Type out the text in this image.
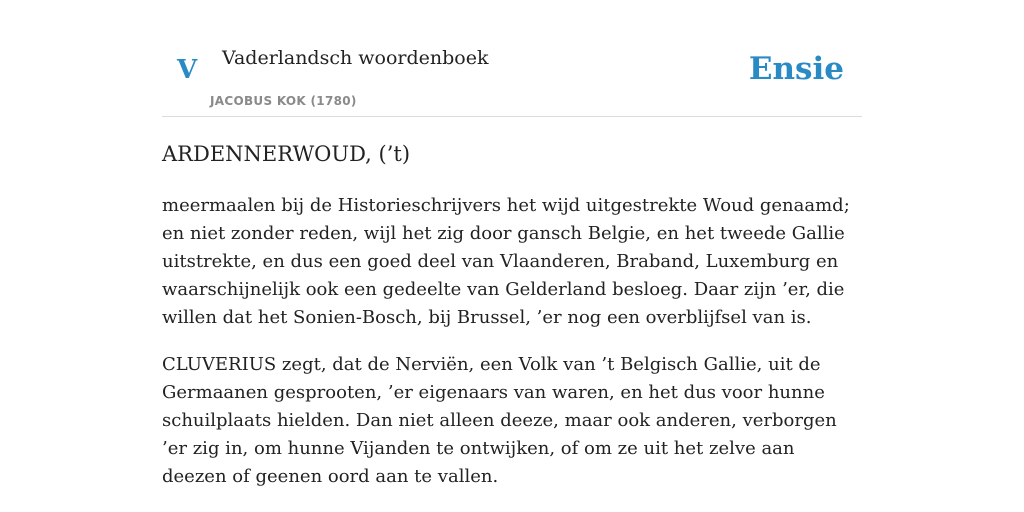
V Vaderlandsch woordenboek
JACOBUS KOK (1780)
Ensie
ARDENNERWOUD, (’t)

meermaalen bij de Historieschrijvers het wijd uitgestrekte Woud genaamd; en niet zonder reden, wijl het zig door gansch Belgie, en het tweede Gallie uitstrekte, en dus een goed deel van Vlaanderen, Braband, Luxemburg en waarschijnelijk ook een gedeelte van Gelderland besloeg. Daar zijn ’er, die willen dat het Sonien-Bosch, bij Brussel, ’er nog een overblijfsel van is.

CLUVERIUS zegt, dat de Nerviën, een Volk van ’t Belgisch Gallie, uit de Germaanen gesprooten, ’er eigenaars van waren, en het dus voor hunne schuilplaats hielden. Dan niet alleen deeze, maar ook anderen, verborgen ’er zig in, om hunne Vijanden te ontwijken, of om ze uit het zelve aan deezen of geenen oord aan te vallen.
